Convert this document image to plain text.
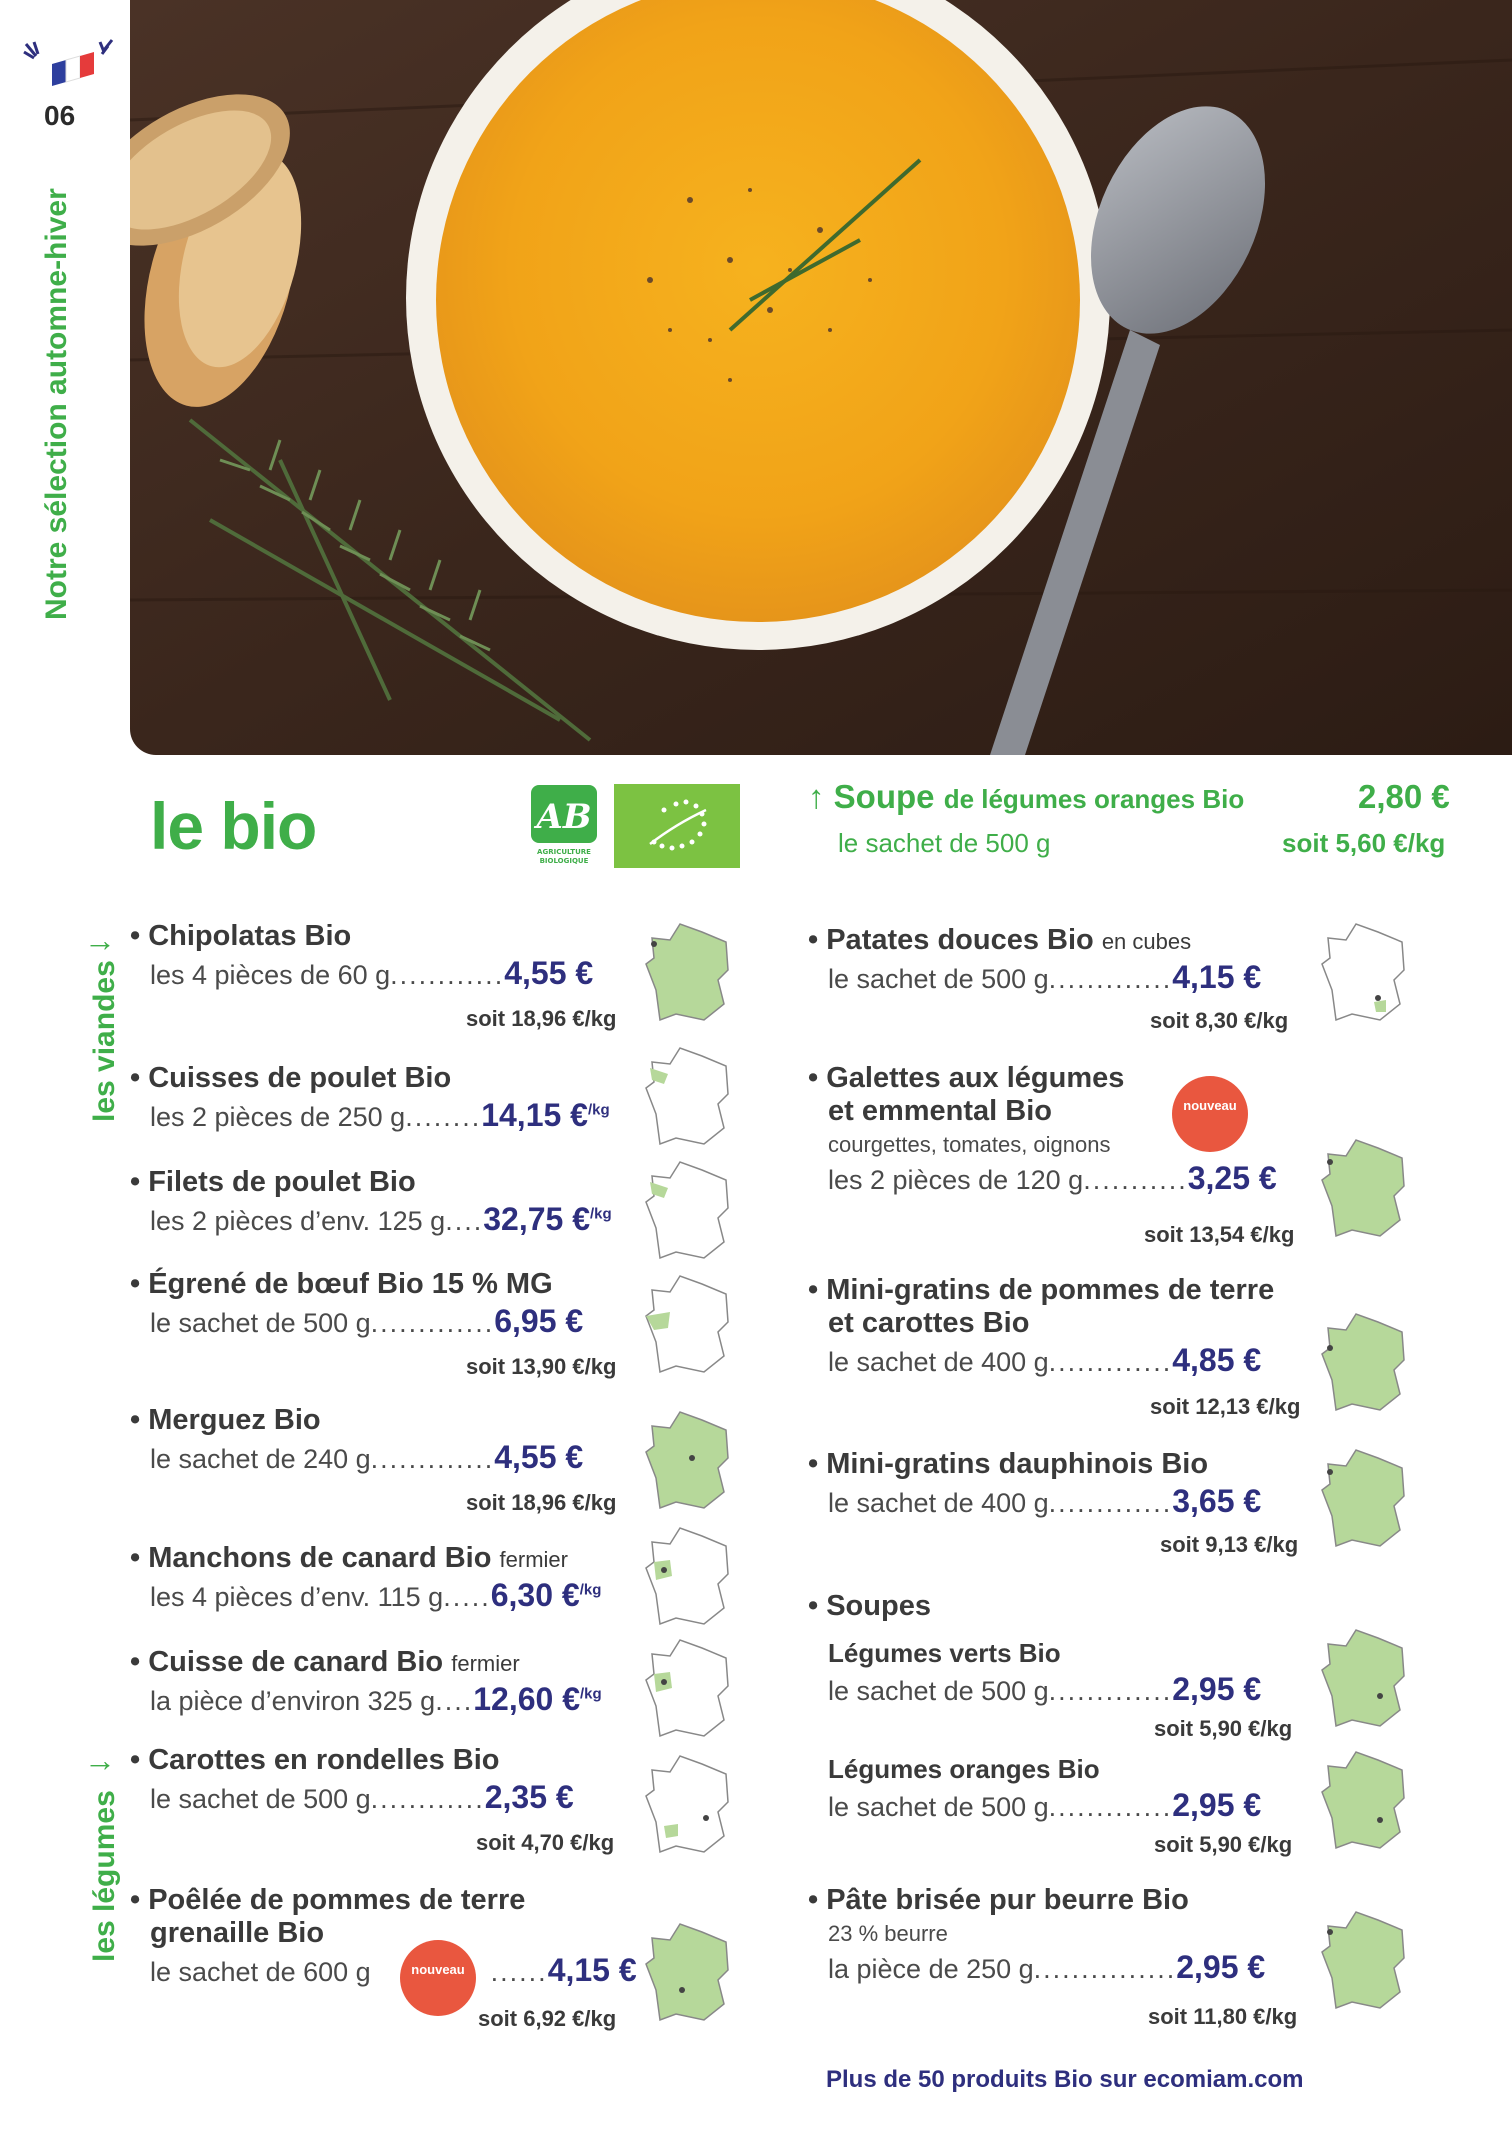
06
Notre sélection automne-hiver
le bio	AB
AGRICULTURE
BIOLOGIQUE
↑ Soupe de légumes oranges Bio
le sachet de 500 g
2,80 €
soit 5,60 €/kg
→
les viandes
→
les légumes
• Chipolatas Bio
les 4 pièces de 60 g............4,55 €
soit 18,96 €/kg
• Cuisses de poulet Bio
les 2 pièces de 250 g........14,15 €$^{/kg}$
• Filets de poulet Bio
les 2 pièces d’env. 125 g....32,75 €$^{/kg}$
• Égrené de bœuf Bio 15 % MG
le sachet de 500 g.............6,95 €
soit 13,90 €/kg
• Merguez Bio
le sachet de 240 g.............4,55 €
soit 18,96 €/kg
• Manchons de canard Bio fermier
les 4 pièces d’env. 115 g.....6,30 €$^{/kg}$
• Cuisse de canard Bio fermier
la pièce d’environ 325 g....12,60 €$^{/kg}$
• Carottes en rondelles Bio
le sachet de 500 g............2,35 €
soit 4,70 €/kg
• Poêlée de pommes de terre
grenaille Bio
le sachet de 600 g	......4,15 €
soit 6,92 €/kg
nouveau
nouveau
• Patates douces Bio en cubes
le sachet de 500 g.............4,15 €
soit 8,30 €/kg
• Galettes aux légumes
et emmental Bio
courgettes, tomates, oignons
les 2 pièces de 120 g...........3,25 €
soit 13,54 €/kg
• Mini-gratins de pommes de terre
et carottes Bio
le sachet de 400 g.............4,85 €
soit 12,13 €/kg
• Mini-gratins dauphinois Bio
le sachet de 400 g.............3,65 €
soit 9,13 €/kg
• Soupes
Légumes verts Bio
le sachet de 500 g.............2,95 €
soit 5,90 €/kg
Légumes oranges Bio
le sachet de 500 g.............2,95 €
soit 5,90 €/kg
• Pâte brisée pur beurre Bio
23 % beurre
la pièce de 250 g...............2,95 €
soit 11,80 €/kg
Plus de 50 produits Bio sur ecomiam.com
